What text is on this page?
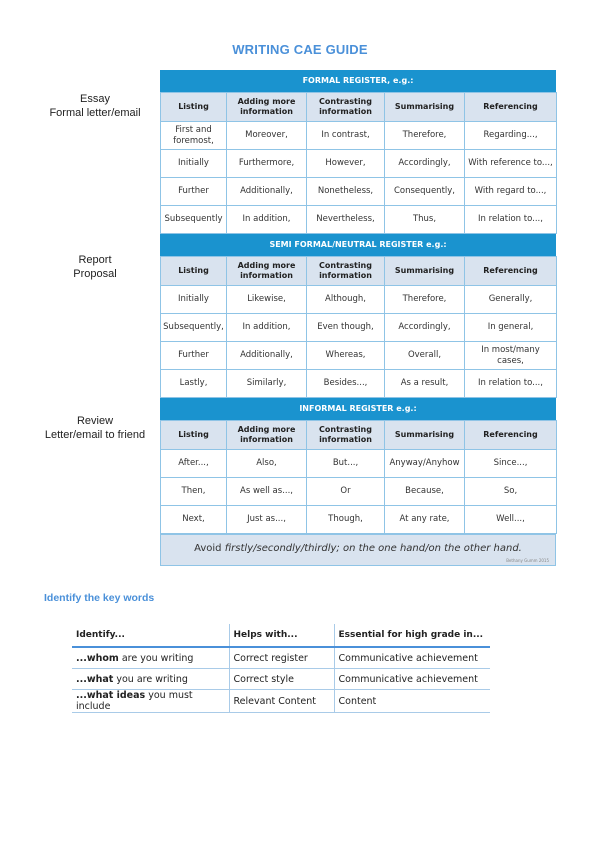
WRITING CAE GUIDE
Essay
Formal letter/email
Report
Proposal
Review
Letter/email to friend
FORMAL REGISTER, e.g.:
Listing	Adding more information	Contrasting information	Summarising	Referencing
First and foremost,	Moreover,	In contrast,	Therefore,	Regarding...,
Initially	Furthermore,	However,	Accordingly,	With reference to...,
Further	Additionally,	Nonetheless,	Consequently,	With regard to...,
Subsequently	In addition,	Nevertheless,	Thus,	In relation to...,
SEMI FORMAL/NEUTRAL REGISTER e.g.:
Listing	Adding more information	Contrasting information	Summarising	Referencing
Initially	Likewise,	Although,	Therefore,	Generally,
Subsequently,	In addition,	Even though,	Accordingly,	In general,
Further	Additionally,	Whereas,	Overall,	In most/many cases,
Lastly,	Similarly,	Besides...,	As a result,	In relation to...,
INFORMAL REGISTER e.g.:
Listing	Adding more information	Contrasting information	Summarising	Referencing
After...,	Also,	But...,	Anyway/Anyhow	Since...,
Then,	As well as...,	Or	Because,	So,
Next,	Just as...,	Though,	At any rate,	Well...,
Avoid firstly/secondly/thirdly; on the one hand/on the other hand.
Bethany Gumm 2015
Identify the key words
Identify...	Helps with...	Essential for high grade in...
...whom are you writing	Correct register	Communicative achievement
...what you are writing	Correct style	Communicative achievement
...what ideas you must include	Relevant Content	Content
